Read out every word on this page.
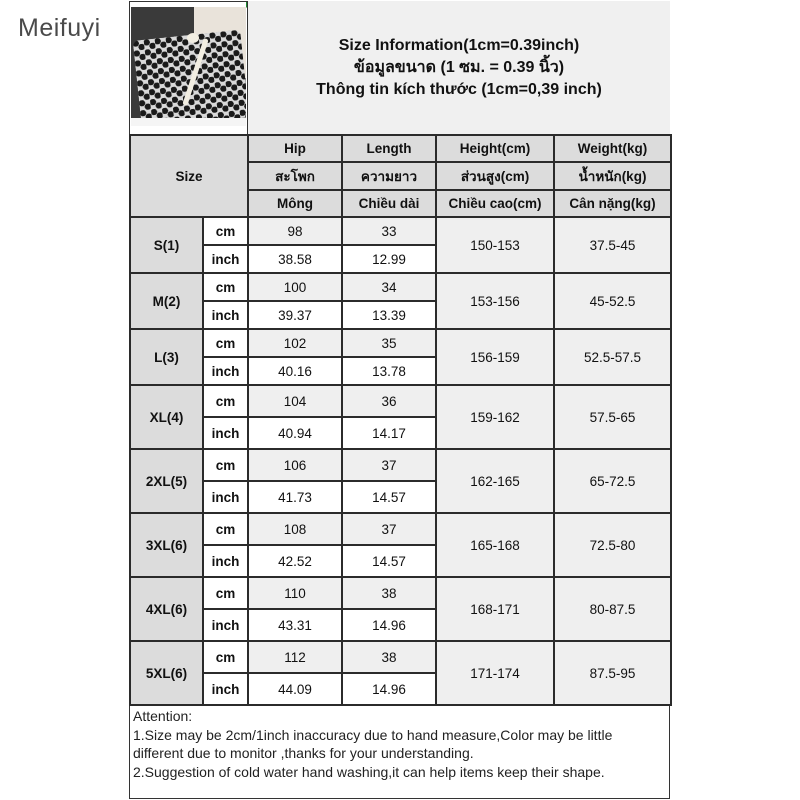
Meifuyi
Size Information(1cm=0.39inch)
ข้อมูลขนาด (1 ซม. = 0.39 นิ้ว)
Thông tin kích thước (1cm=0,39 inch)
Size		Hip	Length	Height(cm)	Weight(kg)
		สะโพก	ความยาว	ส่วนสูง(cm)	น้ำหนัก(kg)
		Mông	Chiều dài	Chiều cao(cm)	Cân nặng(kg)
S(1)	cm	98	33	150-153	37.5-45
	inch	38.58	12.99		
M(2)	cm	100	34	153-156	45-52.5
	inch	39.37	13.39		
L(3)	cm	102	35	156-159	52.5-57.5
	inch	40.16	13.78		
XL(4)	cm	104	36	159-162	57.5-65
	inch	40.94	14.17		
2XL(5)	cm	106	37	162-165	65-72.5
	inch	41.73	14.57		
3XL(6)	cm	108	37	165-168	72.5-80
	inch	42.52	14.57		
4XL(6)	cm	110	38	168-171	80-87.5
	inch	43.31	14.96		
5XL(6)	cm	112	38	171-174	87.5-95
	inch	44.09	14.96		
Attention:
1.Size may be 2cm/1inch inaccuracy due to hand measure,Color may be little different due to monitor ,thanks for your understanding.
2.Suggestion of cold water hand washing,it can help items keep their shape.
